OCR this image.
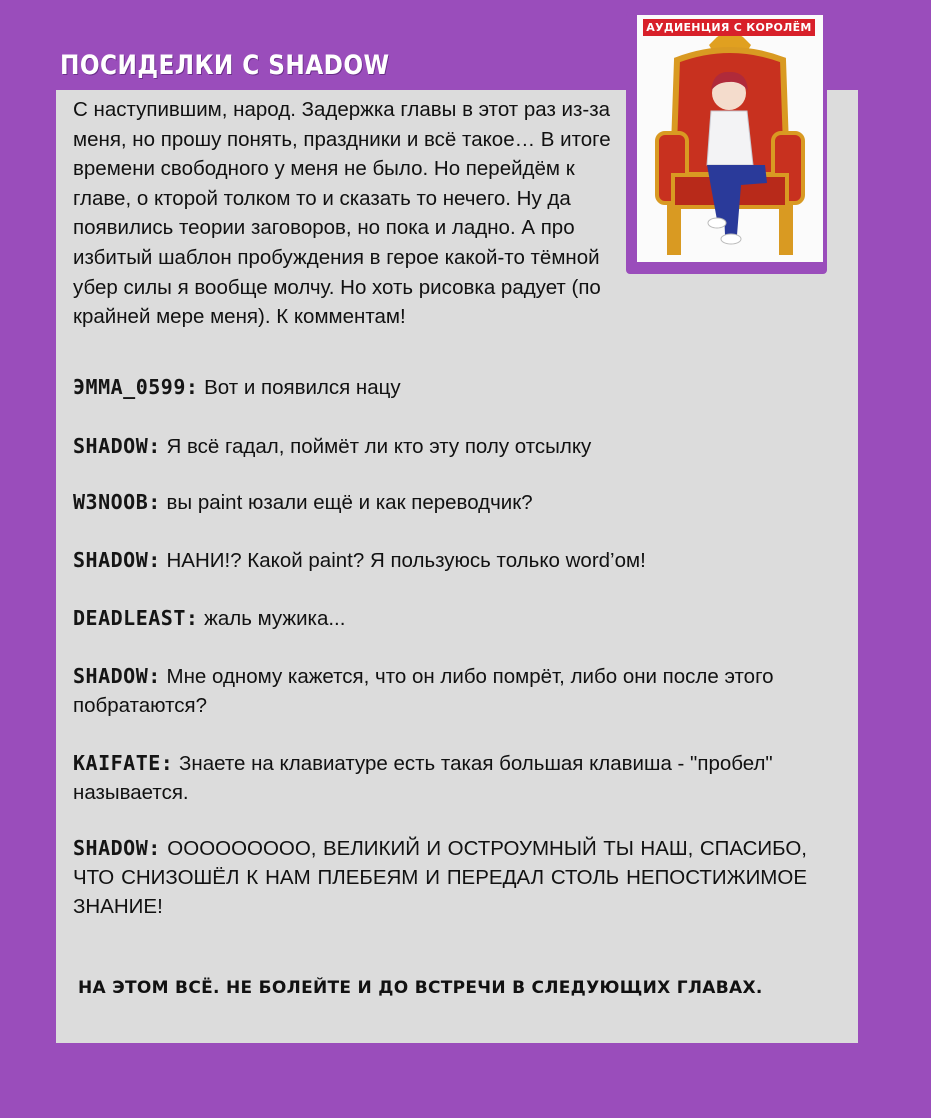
ПОСИДЕЛКИ С SHADOW
АУДИЕНЦИЯ С КОРОЛЁМ

С наступившим, народ. Задержка главы в этот раз из-за меня, но прошу понять, праздники и всё такое… В итоге времени свободного у меня не было. Но перейдём к главе, о кторой толком то и сказать то нечего. Ну да появились теории заговоров, но пока и ладно. А про избитый шаблон пробуждения в герое какой-то тёмной убер силы я вообще молчу. Но хоть рисовка радует (по крайней мере меня). К комментам!

ЭММА_0599: Вот и появился нацу

SHADOW: Я всё гадал, поймёт ли кто эту полу отсылку

W3NOOB: вы paint юзали ещё и как переводчик?

SHADOW: НАНИ!? Какой paint? Я пользуюсь только word’ом!

DEADLEAST: жаль мужика...

SHADOW: Мне одному кажется, что он либо помрёт, либо они после этого побратаются?

KAIFATE: Знаете на клавиатуре есть такая большая клавиша - "пробел" называется.

SHADOW: ООООООООО, ВЕЛИКИЙ И ОСТРОУМНЫЙ ТЫ НАШ, СПАСИБО, ЧТО СНИЗОШЁЛ К НАМ ПЛЕБЕЯМ И ПЕРЕДАЛ СТОЛЬ НЕПОСТИЖИМОЕ ЗНАНИЕ!

НА ЭТОМ ВСЁ. НЕ БОЛЕЙТЕ И ДО ВСТРЕЧИ В СЛЕДУЮЩИХ ГЛАВАХ.
